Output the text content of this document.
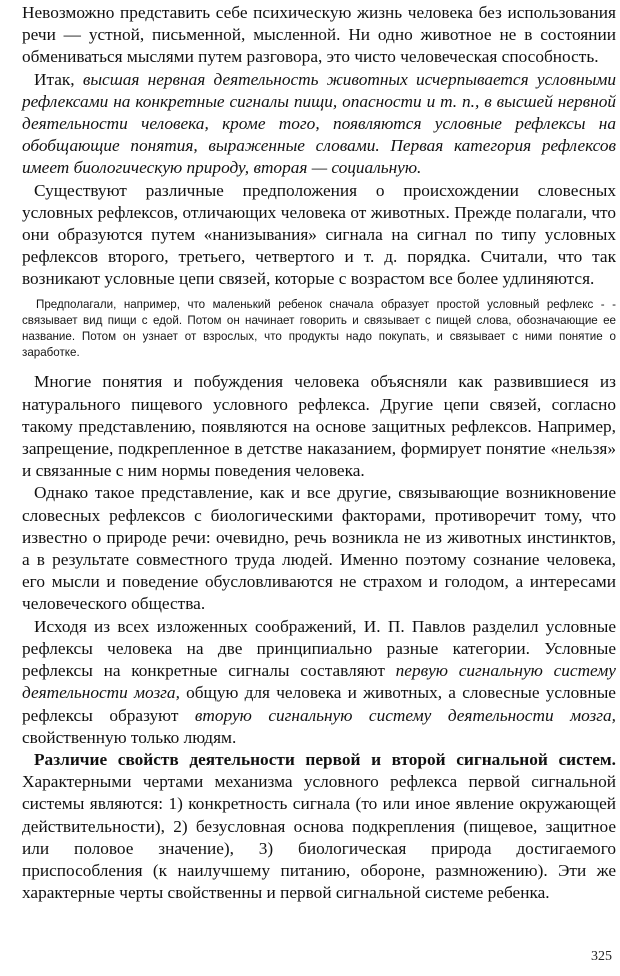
Невозможно представить себе психическую жизнь человека без использования речи — устной, письменной, мысленной. Ни одно животное не в состоянии обмениваться мыслями путем разговора, это чисто человеческая способность.

Итак, высшая нервная деятельность животных исчерпывается условными рефлексами на конкретные сигналы пищи, опасности и т. п., в высшей нервной деятельности человека, кроме того, появляются условные рефлексы на обобщающие понятия, выраженные словами. Первая категория рефлексов имеет биологическую природу, вторая — социальную.

Существуют различные предположения о происхождении словесных условных рефлексов, отличающих человека от животных. Прежде полагали, что они образуются путем «нанизывания» сигнала на сигнал по типу условных рефлексов второго, третьего, четвертого и т. д. порядка. Считали, что так возникают условные цепи связей, которые с возрастом все более удлиняются.

Предполагали, например, что маленький ребенок сначала образует простой условный рефлекс - - связывает вид пищи с едой. Потом он начинает говорить и связывает с пищей слова, обозначающие ее название. Потом он узнает от взрослых, что продукты надо покупать, и связывает с ними понятие о заработке.

Многие понятия и побуждения человека объясняли как развившиеся из натурального пищевого условного рефлекса. Другие цепи связей, согласно такому представлению, появляются на основе защитных рефлексов. Например, запрещение, подкрепленное в детстве наказанием, формирует понятие «нельзя» и связанные с ним нормы поведения человека.

Однако такое представление, как и все другие, связывающие возникновение словесных рефлексов с биологическими факторами, противоречит тому, что известно о природе речи: очевидно, речь возникла не из животных инстинктов, а в результате совместного труда людей. Именно поэтому сознание человека, его мысли и поведение обусловливаются не страхом и голодом, а интересами человеческого общества.

Исходя из всех изложенных соображений, И. П. Павлов разделил условные рефлексы человека на две принципиально разные категории. Условные рефлексы на конкретные сигналы составляют первую сигнальную систему деятельности мозга, общую для человека и животных, а словесные условные рефлексы образуют вторую сигнальную систему деятельности мозга, свойственную только людям.

Различие свойств деятельности первой и второй сигнальной систем. Характерными чертами механизма условного рефлекса первой сигнальной системы являются: 1) конкретность сигнала (то или иное явление окружающей действительности), 2) безусловная основа подкрепления (пищевое, защитное или половое значение), 3) биологическая природа достигаемого приспособления (к наилучшему питанию, обороне, размножению). Эти же характерные черты свойственны и первой сигнальной системе ребенка.

325
